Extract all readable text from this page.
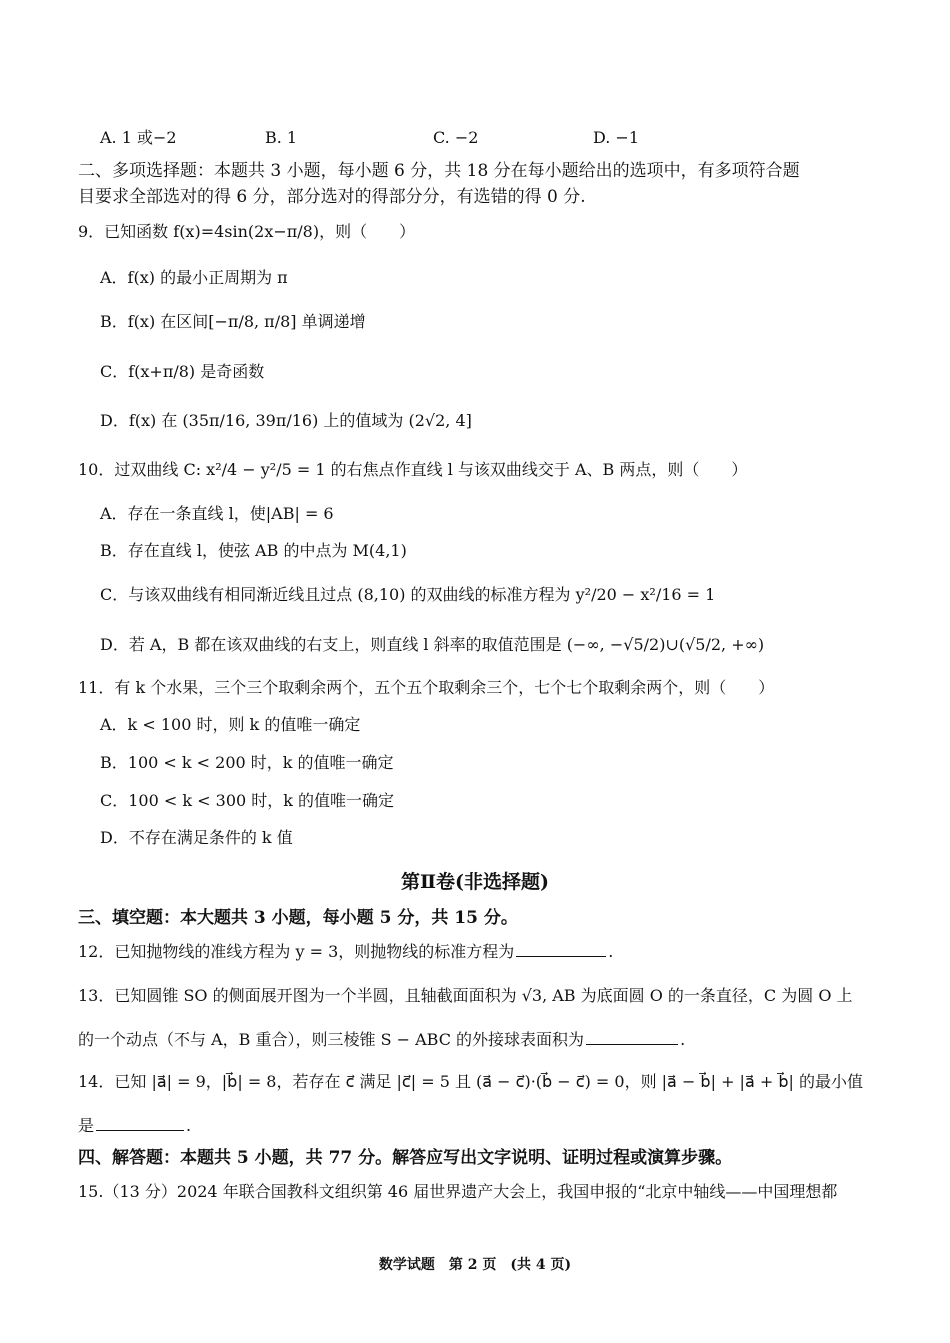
A. 1 或−2	B. 1	C. −2	D. −1
二、多项选择题：本题共 3 小题，每小题 6 分，共 18 分在每小题给出的选项中，有多项符合题
目要求全部选对的得 6 分，部分选对的得部分分，有选错的得 0 分.
9．已知函数 f(x)=4sin(2x−π/8)，则（　　）
A．f(x) 的最小正周期为 π
B．f(x) 在区间[−π/8, π/8] 单调递增
C．f(x+π/8) 是奇函数
D．f(x) 在 (35π/16, 39π/16) 上的值域为 (2√2, 4]
10．过双曲线 C: x²/4 − y²/5 = 1 的右焦点作直线 l 与该双曲线交于 A、B 两点，则（　　）
A．存在一条直线 l，使|AB| = 6
B．存在直线 l，使弦 AB 的中点为 M(4,1)
C．与该双曲线有相同渐近线且过点 (8,10) 的双曲线的标准方程为 y²/20 − x²/16 = 1
D．若 A，B 都在该双曲线的右支上，则直线 l 斜率的取值范围是 (−∞, −√5/2)∪(√5/2, +∞)
11．有 k 个水果，三个三个取剩余两个，五个五个取剩余三个，七个七个取剩余两个，则（　　）
A．k < 100 时，则 k 的值唯一确定
B．100 < k < 200 时，k 的值唯一确定
C．100 < k < 300 时，k 的值唯一确定
D．不存在满足条件的 k 值
第Ⅱ卷(非选择题)
三、填空题：本大题共 3 小题，每小题 5 分，共 15 分。
12．已知抛物线的准线方程为 y = 3，则抛物线的标准方程为	.
13．已知圆锥 SO 的侧面展开图为一个半圆，且轴截面面积为 √3, AB 为底面圆 O 的一条直径，C 为圆 O 上
的一个动点（不与 A，B 重合），则三棱锥 S − ABC 的外接球表面积为	.
14．已知 |a⃗| = 9，|b⃗| = 8，若存在 c⃗ 满足 |c⃗| = 5 且 (a⃗ − c⃗)·(b⃗ − c⃗) = 0，则 |a⃗ − b⃗| + |a⃗ + b⃗| 的最小值
是	.
四、解答题：本题共 5 小题，共 77 分。解答应写出文字说明、证明过程或演算步骤。
15.（13 分）2024 年联合国教科文组织第 46 届世界遗产大会上，我国申报的“北京中轴线——中国理想都
数学试题　第 2 页　(共 4 页)
